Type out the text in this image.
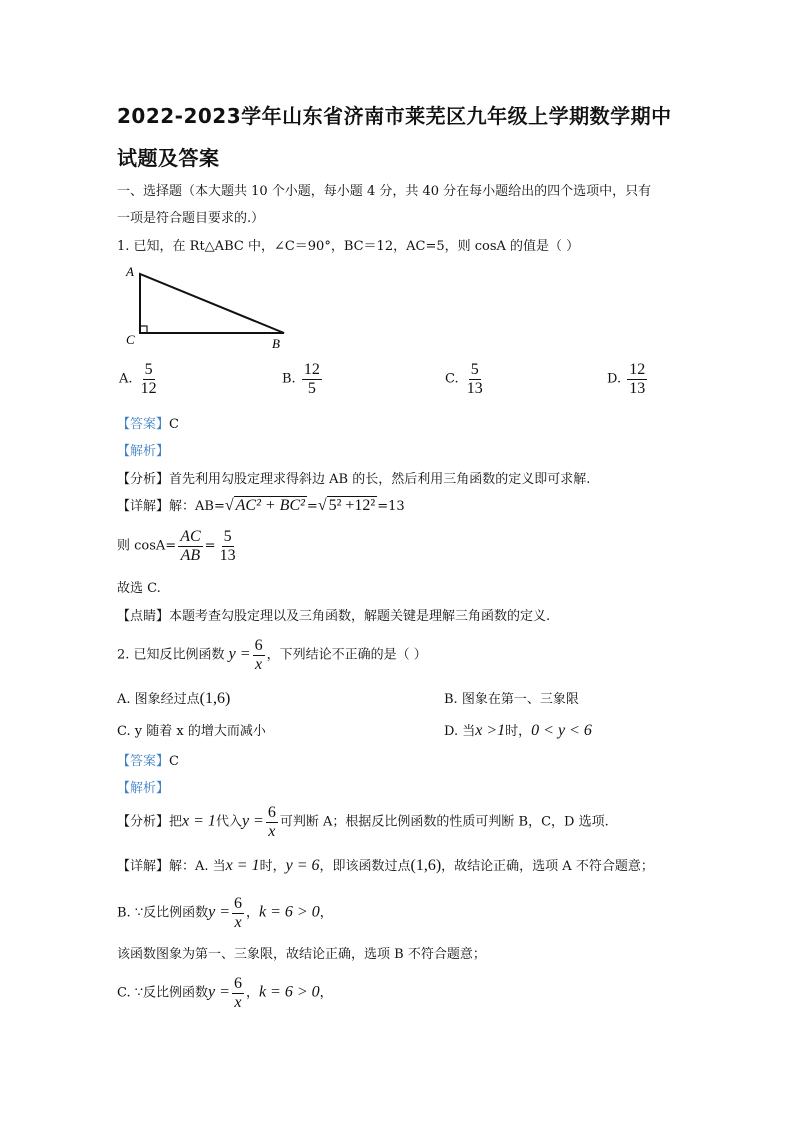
2022-2023学年山东省济南市莱芜区九年级上学期数学期中
试题及答案
一、选择题（本大题共 10 个小题，每小题 4 分，共 40 分在每小题给出的四个选项中，只有
一项是符合题目要求的.）
1. 已知，在 Rt△ABC 中，∠C＝90°，BC＝12，AC=5，则 cosA 的值是（ ）
A
C	B
A. $\frac{5}{12}$	B. $\frac{12}{5}$	C. $\frac{5}{13}$	D. $\frac{12}{13}$
【答案】C
【解析】
【分析】首先利用勾股定理求得斜边 AB 的长，然后利用三角函数的定义即可求解.
【详解】解：AB=√ AC² + BC² =√ 5² +12² =13
则 $\cos A= \frac{AC}{AB} = \frac{5}{13}$
故选 C.
【点睛】本题考查勾股定理以及三角函数，解题关键是理解三角函数的定义.
2. 已知反比例函数 $y = \frac{6}{x}$ ，下列结论不正确的是（ ）
A. 图象经过点(1,6)	B. 图象在第一、三象限
C. y 随着 x 的增大而减小	D. 当x >1时，0 < y < 6
【答案】C
【解析】
【分析】把x = 1代入$y = \frac{6}{x}$ 可判断 A；根据反比例函数的性质可判断 B，C，D 选项.
【详解】解：A. 当x = 1时，y = 6，即该函数过点(1,6)，故结论正确，选项 A 不符合题意；
B. ∵反比例函数$y = \frac{6}{x}$ ，k = 6 > 0，
该函数图象为第一、三象限，故结论正确，选项 B 不符合题意；
C. ∵反比例函数$y = \frac{6}{x}$ ，k = 6 > 0，
